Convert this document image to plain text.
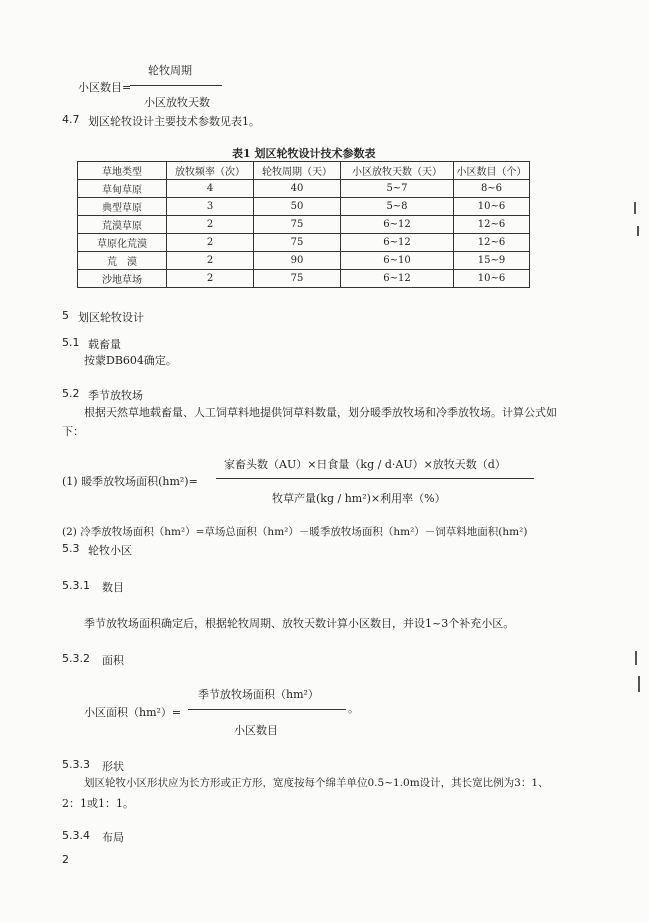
轮牧周期
小区数目=
小区放牧天数
4.7 划区轮牧设计主要技术参数见表1。
表1 划区轮牧设计技术参数表
草地类型	放牧频率（次）	轮牧周期（天）	小区放牧天数（天）	小区数目（个）
草甸草原	4	40	5~7	8~6
典型草原	3	50	5~8	10~6
荒漠草原	2	75	6~12	12~6
草原化荒漠	2	75	6~12	12~6
荒　漠	2	90	6~10	15~9
沙地草场	2	75	6~12	10~6
5 划区轮牧设计
5.1 载畜量
按蒙DB604确定。
5.2 季节放牧场
根据天然草地载畜量、人工饲草料地提供饲草料数量，划分暖季放牧场和冷季放牧场。计算公式如
下：
家畜头数（AU）×日食量（kg / d·AU）×放牧天数（d）
(1) 暖季放牧场面积(hm²)=
牧草产量(kg / hm²)×利用率（%）
(2) 冷季放牧场面积（hm²）=草场总面积（hm²）－暖季放牧场面积（hm²）－饲草料地面积(hm²)
5.3 轮牧小区
5.3.1 数目
季节放牧场面积确定后，根据轮牧周期、放牧天数计算小区数目，并设1~3个补充小区。
5.3.2 面积
季节放牧场面积（hm²）
小区面积（hm²）=	。
小区数目
5.3.3 形状
划区轮牧小区形状应为长方形或正方形，宽度按每个绵羊单位0.5~1.0m设计，其长宽比例为3：1、
2：1或1：1。
5.3.4 布局
2
